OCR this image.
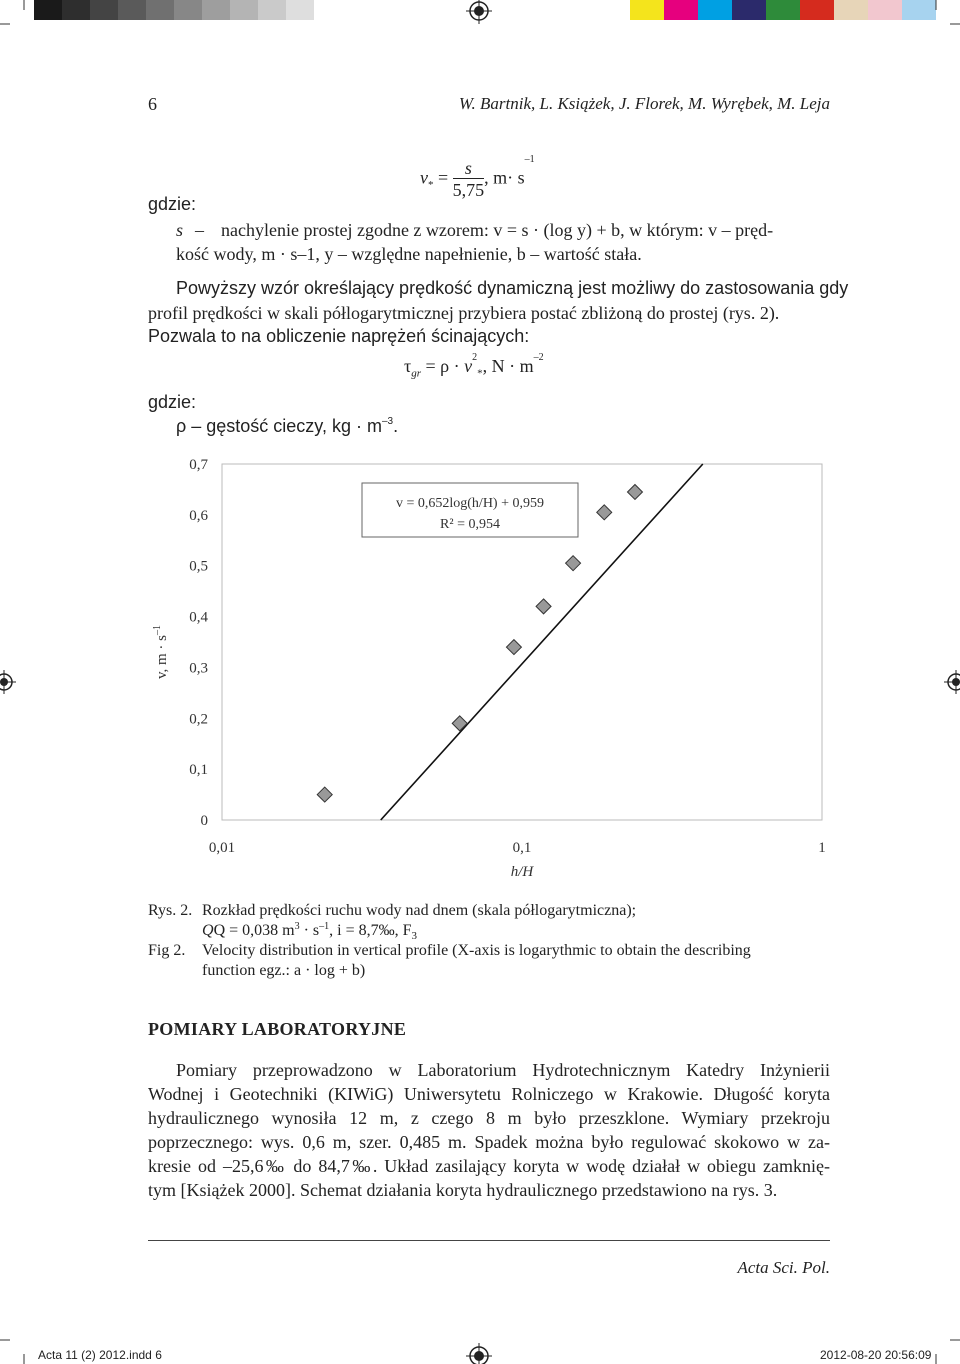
6	W. Bartnik, L. Książek, J. Florek, M. Wyrębek, M. Leja
$v_* = \frac{s}{5,75}$ , $m\cdot s^{-1}$
gdzie:
s – nachylenie prostej zgodne z wzorem: v = s · (log y) + b, w którym: v – pręd-
kość wody, m · s–1, y – względne napełnienie, b – wartość stała.
Powyższy wzór określający prędkość dynamiczną jest możliwy do zastosowania gdy
profil prędkości w skali półlogarytmicznej przybiera postać zbliżoną do prostej (rys. 2).
Pozwala to na obliczenie naprężeń ścinających:
$\tau_{gr} = \rho \cdot v^2_*$, $N \cdot m^{-2}$
gdzie:
ρ – gęstość cieczy, kg · $m^{-3}$.
0
0,1
0,2
0,3
0,4
0,5
0,6
0,7
0,01	0,1	1
h/H
v, $m \cdot s^{-1}$
v = 0,652log(h/H) + 0,959
R² = 0,954
Rys. 2. Rozkład prędkości ruchu wody nad dnem (skala półlogarytmiczna);
QQ = 0,038 $m^3 \cdot s^{-1}$, i = 8,7‰, $F_3$
Fig 2. Velocity distribution in vertical profile (X-axis is logarythmic to obtain the describing
function egz.: a · log + b)
POMIARY LABORATORYJNE
Pomiary przeprowadzono w Laboratorium Hydrotechnicznym Katedry Inżynierii
Wodnej i Geotechniki (KIWiG) Uniwersytetu Rolniczego w Krakowie. Długość koryta
hydraulicznego wynosiła 12 m, z czego 8 m było przeszklone. Wymiary przekroju
poprzecznego: wys. 0,6 m, szer. 0,485 m. Spadek można było regulować skokowo w za-
kresie od –25,6‰ do 84,7‰. Układ zasilający koryta w wodę działał w obiegu zamknię-
tym [Książek 2000]. Schemat działania koryta hydraulicznego przedstawiono na rys. 3.
Acta Sci. Pol.
Acta 11 (2) 2012.indd 6	2012-08-20 20:56:09
